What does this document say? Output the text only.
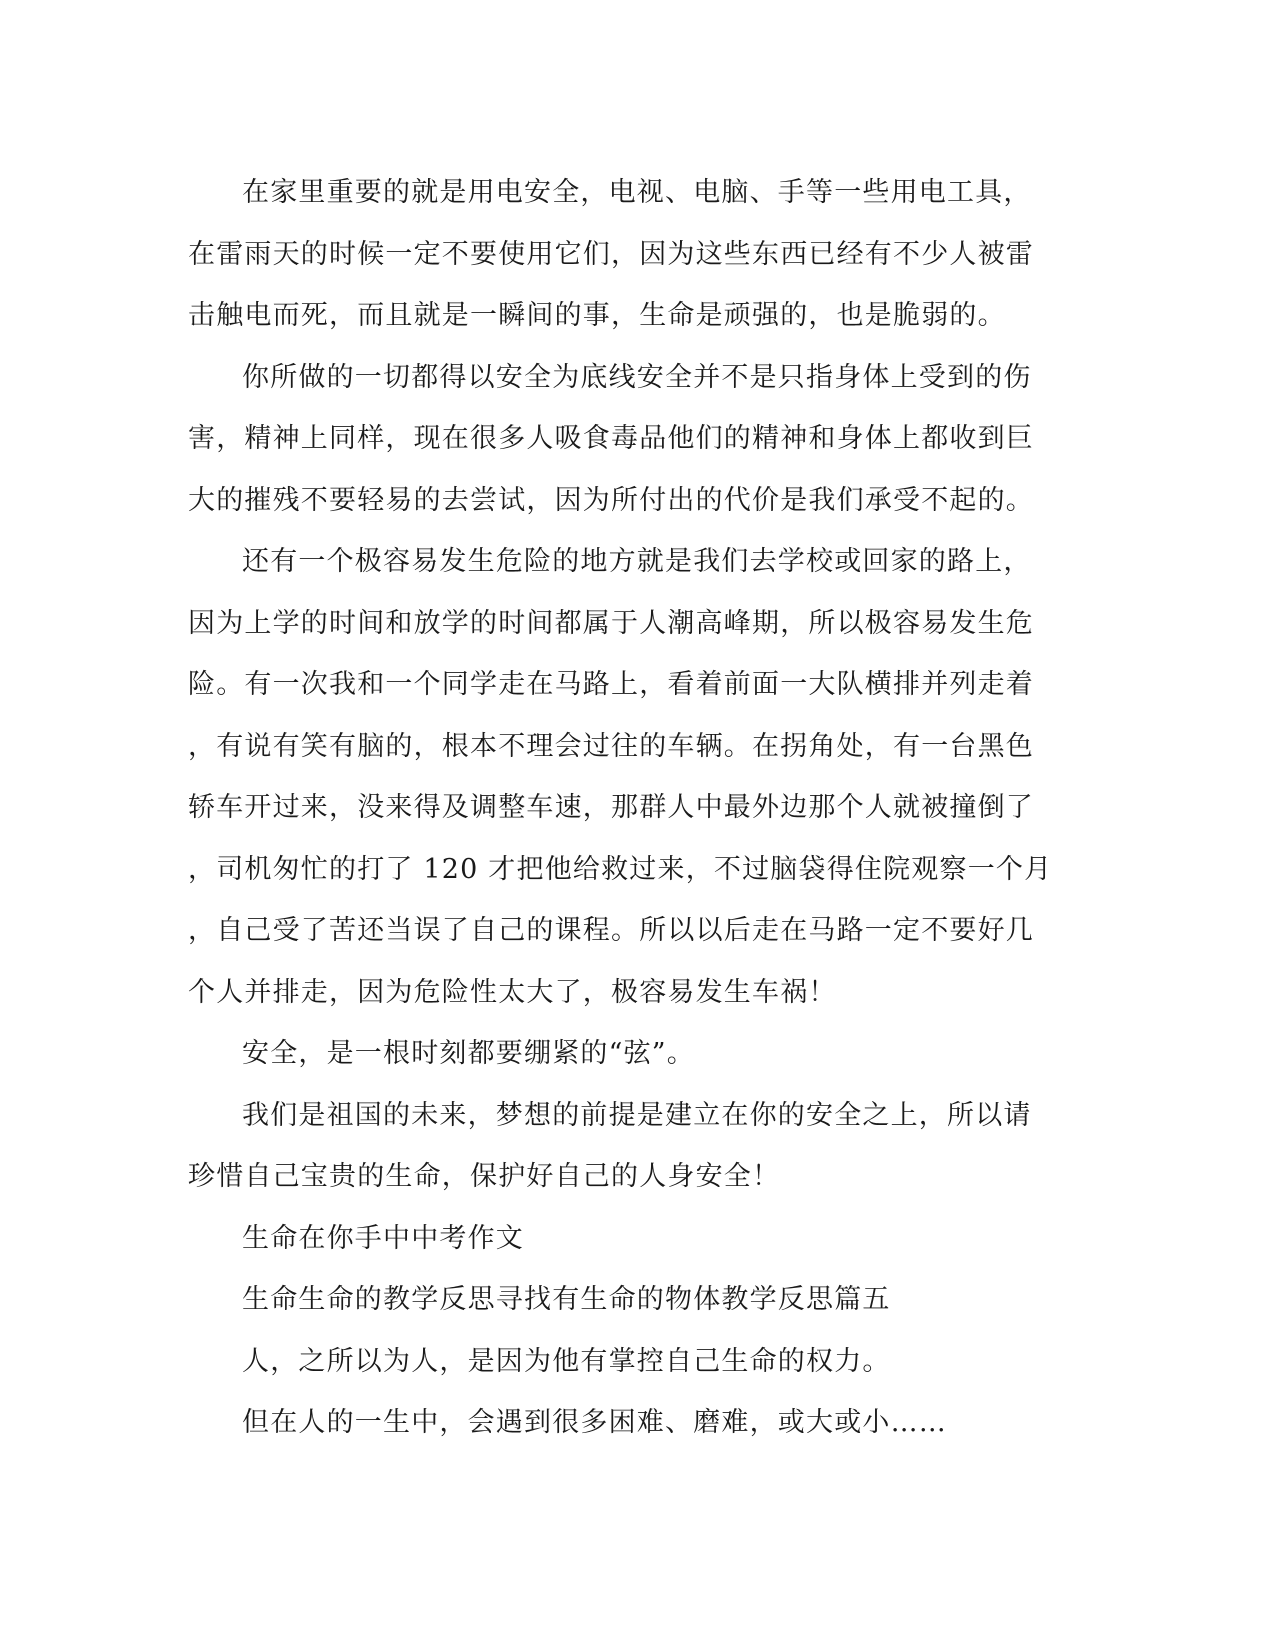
在家里重要的就是用电安全，电视、电脑、手等一些用电工具，
在雷雨天的时候一定不要使用它们，因为这些东西已经有不少人被雷
击触电而死，而且就是一瞬间的事，生命是顽强的，也是脆弱的。

你所做的一切都得以安全为底线安全并不是只指身体上受到的伤
害，精神上同样，现在很多人吸食毒品他们的精神和身体上都收到巨
大的摧残不要轻易的去尝试，因为所付出的代价是我们承受不起的。

还有一个极容易发生危险的地方就是我们去学校或回家的路上，
因为上学的时间和放学的时间都属于人潮高峰期，所以极容易发生危
险。有一次我和一个同学走在马路上，看着前面一大队横排并列走着
，有说有笑有脑的，根本不理会过往的车辆。在拐角处，有一台黑色
轿车开过来，没来得及调整车速，那群人中最外边那个人就被撞倒了
，司机匆忙的打了 120 才把他给救过来，不过脑袋得住院观察一个月
，自己受了苦还当误了自己的课程。所以以后走在马路一定不要好几
个人并排走，因为危险性太大了，极容易发生车祸！

安全，是一根时刻都要绷紧的“弦”。

我们是祖国的未来，梦想的前提是建立在你的安全之上，所以请
珍惜自己宝贵的生命，保护好自己的人身安全！

生命在你手中中考作文

生命生命的教学反思寻找有生命的物体教学反思篇五

人，之所以为人，是因为他有掌控自己生命的权力。

但在人的一生中，会遇到很多困难、磨难，或大或小……
